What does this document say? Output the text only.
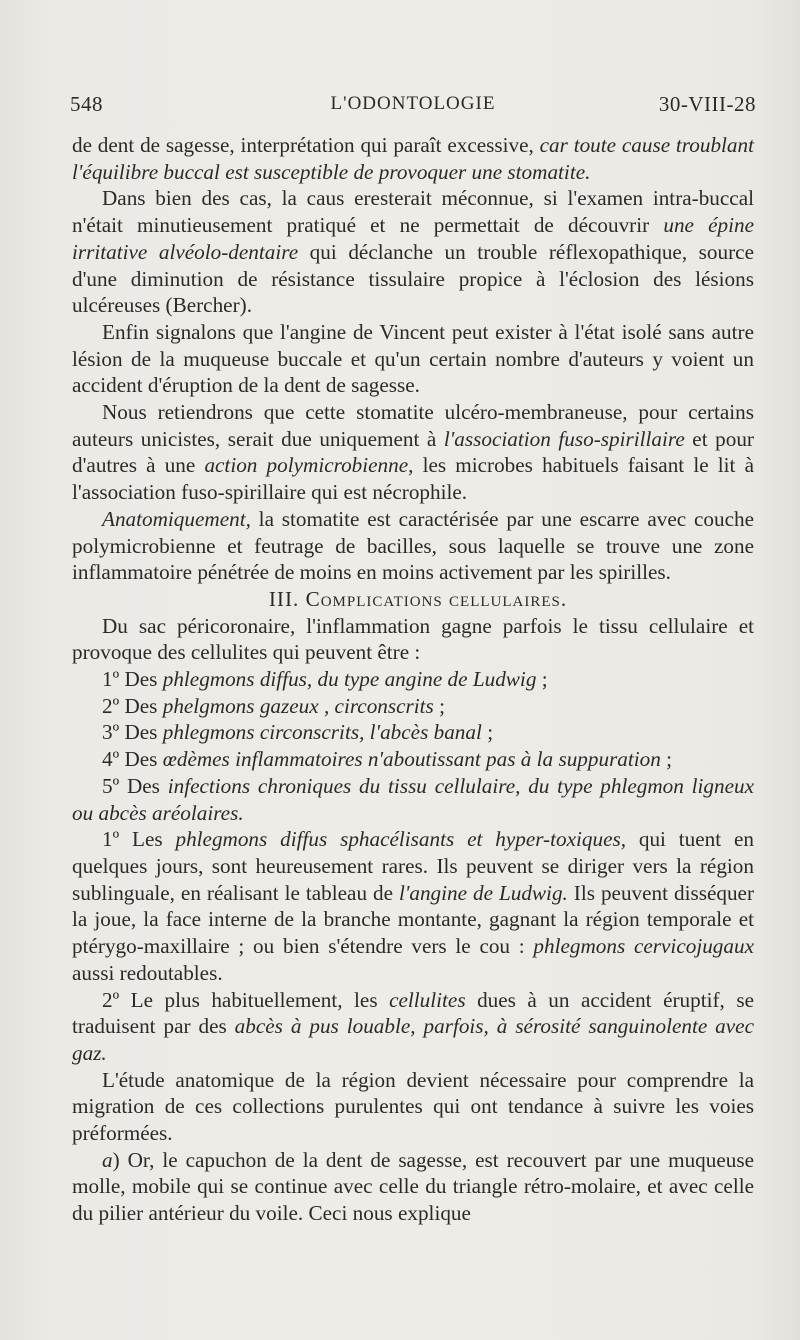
548	L'ODONTOLOGIE	30-VIII-28

de dent de sagesse, interprétation qui paraît excessive, car toute cause troublant l'équilibre buccal est susceptible de provoquer une stomatite.

Dans bien des cas, la caus eresterait méconnue, si l'examen intra-buccal n'était minutieusement pratiqué et ne permettait de découvrir une épine irritative alvéolo-dentaire qui déclanche un trouble réflexopathique, source d'une diminution de résistance tissulaire propice à l'éclosion des lésions ulcéreuses (Bercher).

Enfin signalons que l'angine de Vincent peut exister à l'état isolé sans autre lésion de la muqueuse buccale et qu'un certain nombre d'auteurs y voient un accident d'éruption de la dent de sagesse.

Nous retiendrons que cette stomatite ulcéro-membraneuse, pour certains auteurs unicistes, serait due uniquement à l'association fuso-spirillaire et pour d'autres à une action polymicrobienne, les microbes habituels faisant le lit à l'association fuso-spirillaire qui est nécrophile.

Anatomiquement, la stomatite est caractérisée par une escarre avec couche polymicrobienne et feutrage de bacilles, sous laquelle se trouve une zone inflammatoire pénétrée de moins en moins activement par les spirilles.

III. Complications cellulaires.

Du sac péricoronaire, l'inflammation gagne parfois le tissu cellulaire et provoque des cellulites qui peuvent être :

1º Des phlegmons diffus, du type angine de Ludwig ;

2º Des phelgmons gazeux , circonscrits ;

3º Des phlegmons circonscrits, l'abcès banal ;

4º Des œdèmes inflammatoires n'aboutissant pas à la suppuration ;

5º Des infections chroniques du tissu cellulaire, du type phlegmon ligneux ou abcès aréolaires.

1º Les phlegmons diffus sphacélisants et hyper-toxiques, qui tuent en quelques jours, sont heureusement rares. Ils peuvent se diriger vers la région sublinguale, en réalisant le tableau de l'angine de Ludwig. Ils peuvent disséquer la joue, la face interne de la branche montante, gagnant la région temporale et ptérygo-maxillaire ; ou bien s'étendre vers le cou : phlegmons cervicojugaux aussi redoutables.

2º Le plus habituellement, les cellulites dues à un accident éruptif, se traduisent par des abcès à pus louable, parfois, à sérosité sanguinolente avec gaz.

L'étude anatomique de la région devient nécessaire pour comprendre la migration de ces collections purulentes qui ont tendance à suivre les voies préformées.

a) Or, le capuchon de la dent de sagesse, est recouvert par une muqueuse molle, mobile qui se continue avec celle du triangle rétro-molaire, et avec celle du pilier antérieur du voile. Ceci nous explique
